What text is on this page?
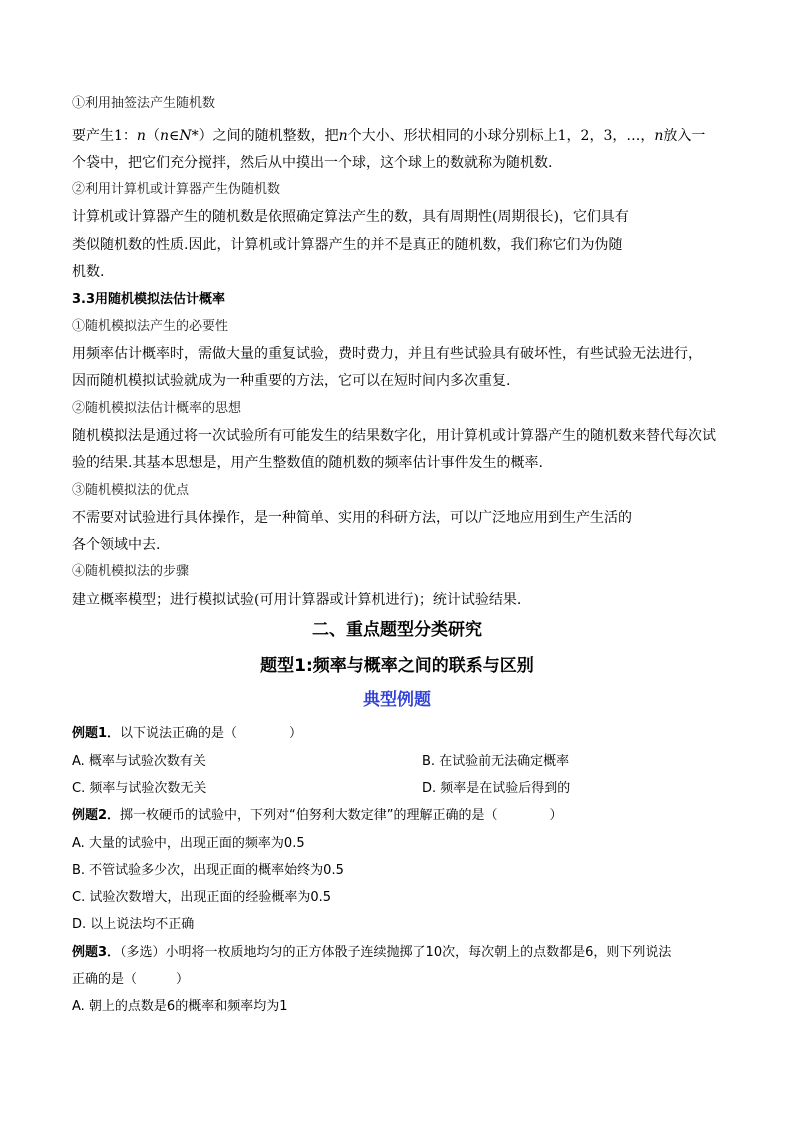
①利用抽签法产生随机数
要产生1：n（n∈N*）之间的随机整数，把n个大小、形状相同的小球分别标上1，2，3，…，n放入一
个袋中，把它们充分搅拌，然后从中摸出一个球，这个球上的数就称为随机数.
②利用计算机或计算器产生伪随机数
计算机或计算器产生的随机数是依照确定算法产生的数，具有周期性(周期很长)，它们具有
类似随机数的性质.因此，计算机或计算器产生的并不是真正的随机数，我们称它们为伪随
机数.
3.3用随机模拟法估计概率
①随机模拟法产生的必要性
用频率估计概率时，需做大量的重复试验，费时费力，并且有些试验具有破坏性，有些试验无法进行，
因而随机模拟试验就成为一种重要的方法，它可以在短时间内多次重复.
②随机模拟法估计概率的思想
随机模拟法是通过将一次试验所有可能发生的结果数字化，用计算机或计算器产生的随机数来替代每次试
验的结果.其基本思想是，用产生整数值的随机数的频率估计事件发生的概率.
③随机模拟法的优点
不需要对试验进行具体操作，是一种简单、实用的科研方法，可以广泛地应用到生产生活的
各个领域中去.
④随机模拟法的步骤
建立概率模型；进行模拟试验(可用计算器或计算机进行)；统计试验结果.
二、重点题型分类研究
题型1:频率与概率之间的联系与区别
典型例题
例题1．以下说法正确的是（　　　　）
A. 概率与试验次数有关	B. 在试验前无法确定概率
C. 频率与试验次数无关	D. 频率是在试验后得到的
例题2．掷一枚硬币的试验中，下列对“伯努利大数定律”的理解正确的是（　　　　）
A. 大量的试验中，出现正面的频率为0.5
B. 不管试验多少次，出现正面的概率始终为0.5
C. 试验次数增大，出现正面的经验概率为0.5
D. 以上说法均不正确
例题3．（多选）小明将一枚质地均匀的正方体骰子连续抛掷了10次，每次朝上的点数都是6，则下列说法
正确的是（　　　）
A. 朝上的点数是6的概率和频率均为1
